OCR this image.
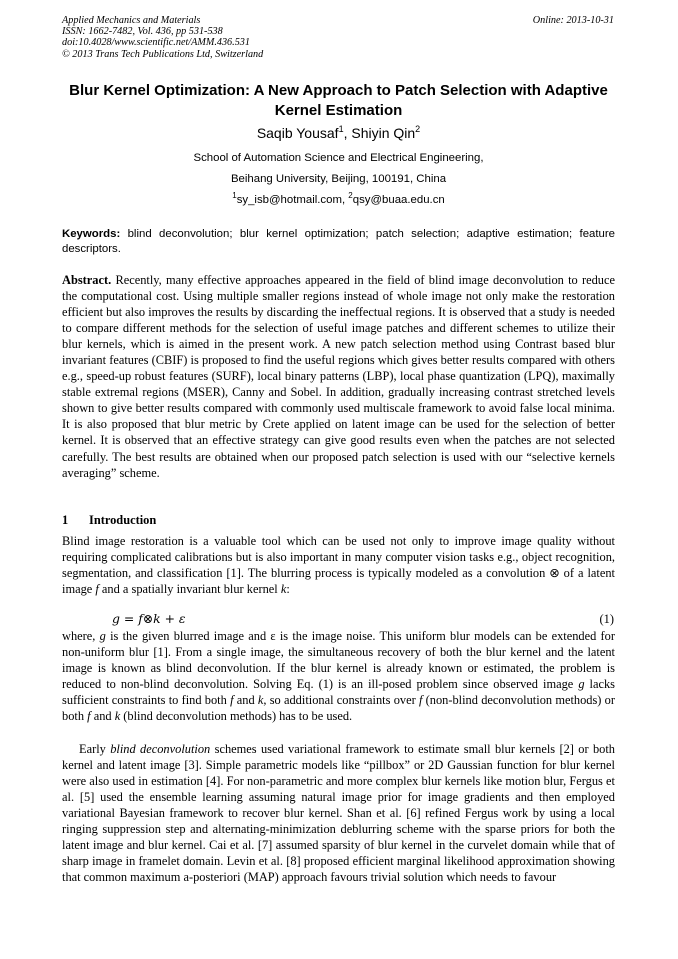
Applied Mechanics and Materials
ISSN: 1662-7482, Vol. 436, pp 531-538
doi:10.4028/www.scientific.net/AMM.436.531
© 2013 Trans Tech Publications Ltd, Switzerland
Online: 2013-10-31
Blur Kernel Optimization: A New Approach to Patch Selection with Adaptive Kernel Estimation
Saqib Yousaf$^1$, Shiyin Qin$^2$
School of Automation Science and Electrical Engineering,
Beihang University, Beijing, 100191, China
$^1$sy_isb@hotmail.com, $^2$qsy@buaa.edu.cn
Keywords: blind deconvolution; blur kernel optimization; patch selection; adaptive estimation; feature descriptors.
Abstract. Recently, many effective approaches appeared in the field of blind image deconvolution to reduce the computational cost. Using multiple smaller regions instead of whole image not only make the restoration efficient but also improves the results by discarding the ineffectual regions. It is observed that a study is needed to compare different methods for the selection of useful image patches and different schemes to utilize their blur kernels, which is aimed in the present work. A new patch selection method using Contrast based blur invariant features (CBIF) is proposed to find the useful regions which gives better results compared with others e.g., speed-up robust features (SURF), local binary patterns (LBP), local phase quantization (LPQ), maximally stable extremal regions (MSER), Canny and Sobel. In addition, gradually increasing contrast stretched levels shown to give better results compared with commonly used multiscale framework to avoid false local minima. It is also proposed that blur metric by Crete applied on latent image can be used for the selection of better kernel. It is observed that an effective strategy can give good results even when the patches are not selected carefully. The best results are obtained when our proposed patch selection is used with our “selective kernels averaging” scheme.
1 Introduction
Blind image restoration is a valuable tool which can be used not only to improve image quality without requiring complicated calibrations but is also important in many computer vision tasks e.g., object recognition, segmentation, and classification [1]. The blurring process is typically modeled as a convolution ⊗ of a latent image f and a spatially invariant blur kernel k:
g = f⊗k + ε	(1)
where, g is the given blurred image and ε is the image noise. This uniform blur models can be extended for non-uniform blur [1]. From a single image, the simultaneous recovery of both the blur kernel and the latent image is known as blind deconvolution. If the blur kernel is already known or estimated, the problem is reduced to non-blind deconvolution. Solving Eq. (1) is an ill-posed problem since observed image g lacks sufficient constraints to find both f and k, so additional constraints over f (non-blind deconvolution methods) or both f and k (blind deconvolution methods) has to be used.
Early blind deconvolution schemes used variational framework to estimate small blur kernels [2] or both kernel and latent image [3]. Simple parametric models like “pillbox” or 2D Gaussian function for blur kernel were also used in estimation [4]. For non-parametric and more complex blur kernels like motion blur, Fergus et al. [5] used the ensemble learning assuming natural image prior for image gradients and then employed variational Bayesian framework to recover blur kernel. Shan et al. [6] refined Fergus work by using a local ringing suppression step and alternating-minimization deblurring scheme with the sparse priors for both the latent image and blur kernel. Cai et al. [7] assumed sparsity of blur kernel in the curvelet domain while that of sharp image in framelet domain. Levin et al. [8] proposed efficient marginal likelihood approximation showing that common maximum a-posteriori (MAP) approach favours trivial solution which needs to favour
